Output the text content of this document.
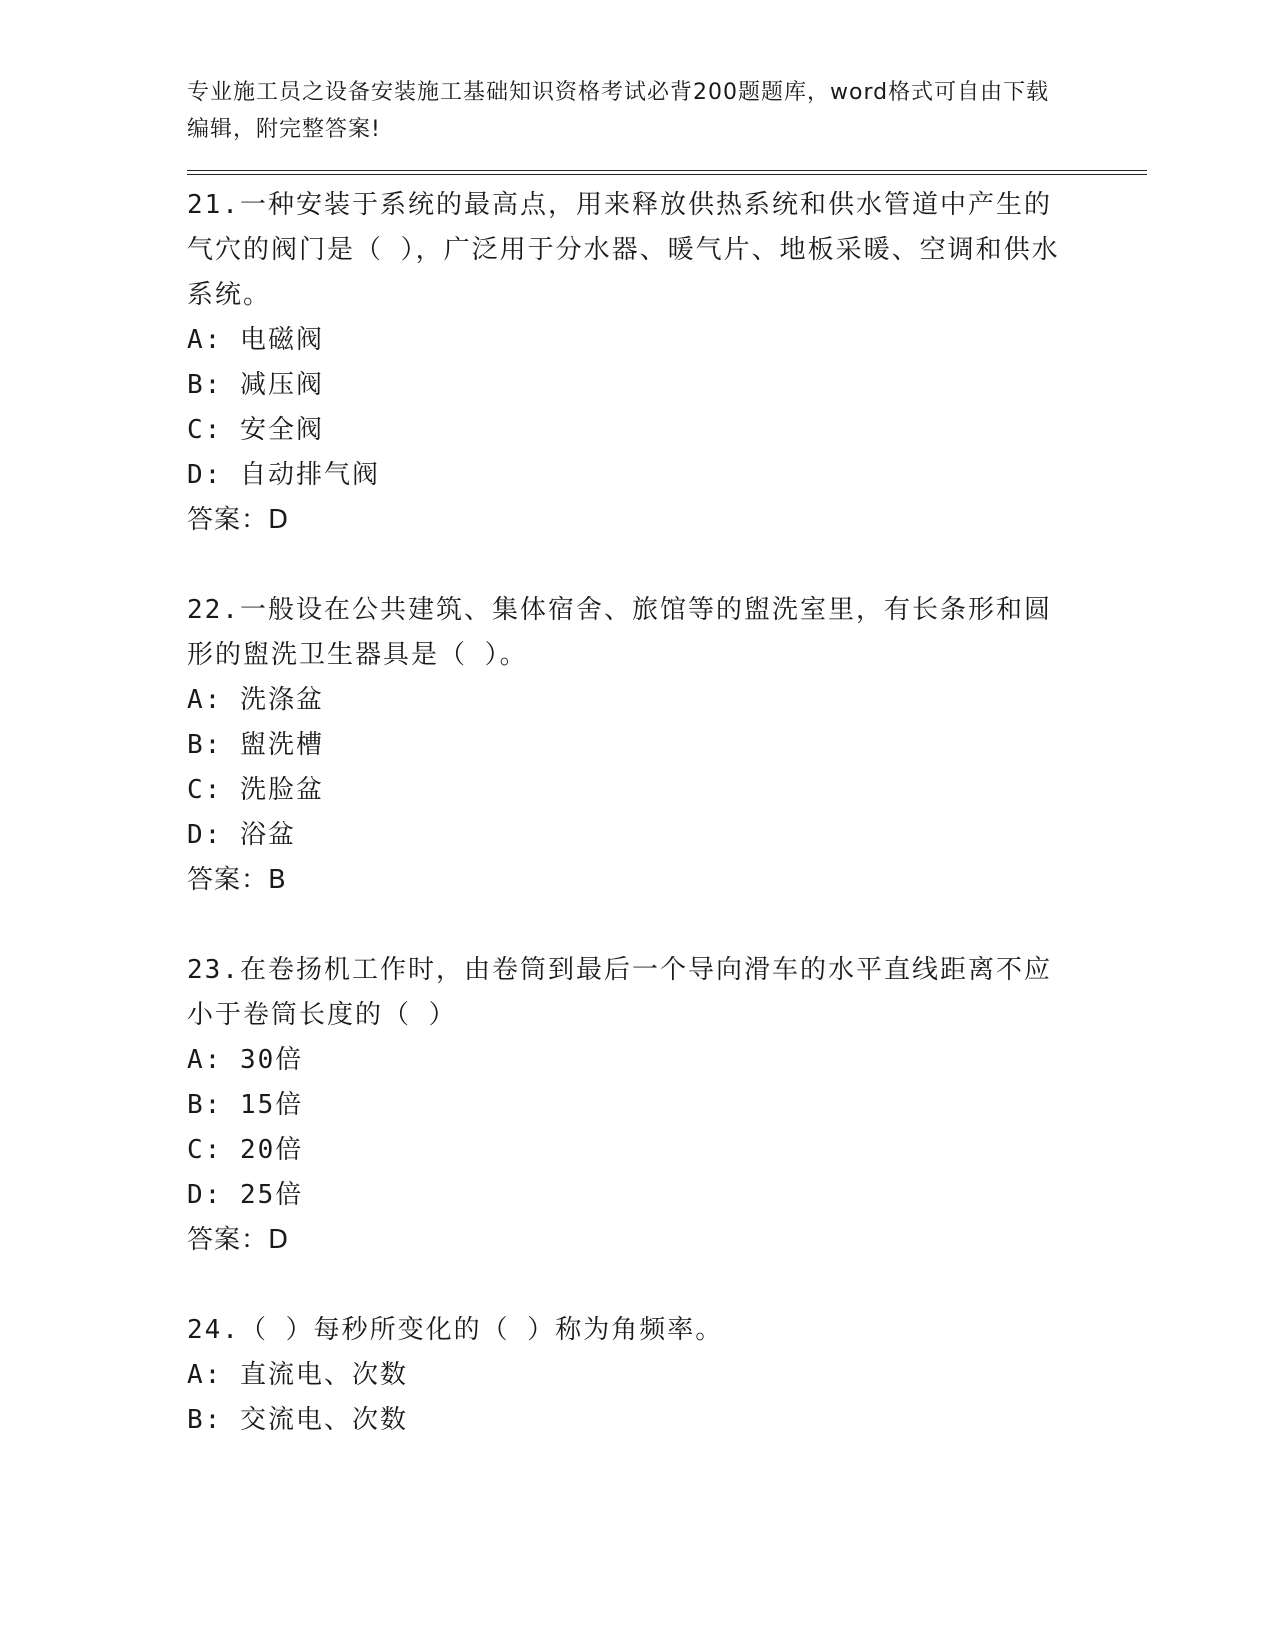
专业施工员之设备安装施工基础知识资格考试必背200题题库，word格式可自由下载编辑，附完整答案!
21.一种安装于系统的最高点，用来释放供热系统和供水管道中产生的气穴的阀门是（ ），广泛用于分水器、暖气片、地板采暖、空调和供水系统。
A: 电磁阀
B: 减压阀
C: 安全阀
D: 自动排气阀
答案：D
22.一般设在公共建筑、集体宿舍、旅馆等的盥洗室里，有长条形和圆形的盥洗卫生器具是（ ）。
A: 洗涤盆
B: 盥洗槽
C: 洗脸盆
D: 浴盆
答案：B
23.在卷扬机工作时，由卷筒到最后一个导向滑车的水平直线距离不应小于卷筒长度的（ ）
A: 30倍
B: 15倍
C: 20倍
D: 25倍
答案：D
24.（ ）每秒所变化的（ ）称为角频率。
A: 直流电、次数
B: 交流电、次数
